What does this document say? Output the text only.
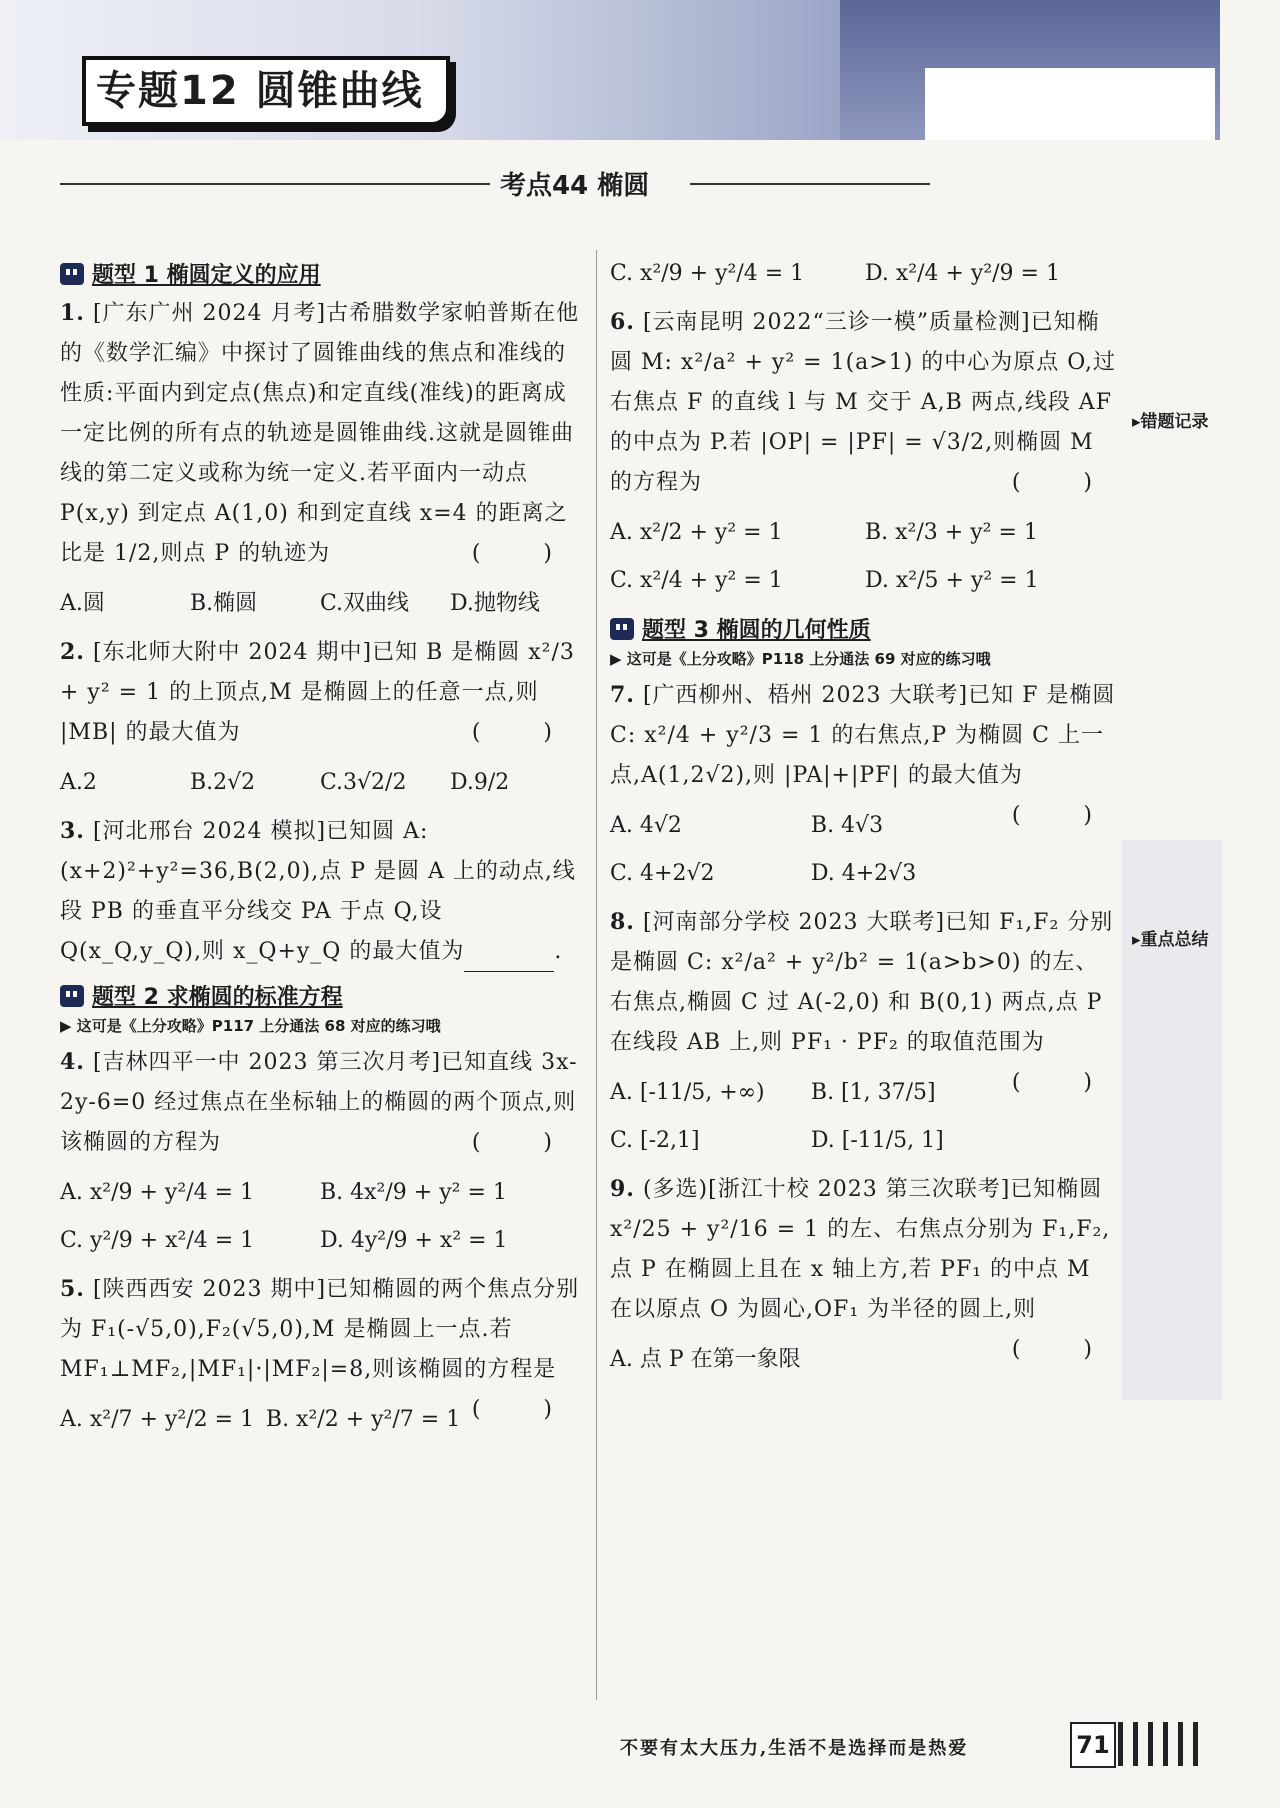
专题12 圆锥曲线
考点44 椭圆
题型 1 椭圆定义的应用
1. [广东广州 2024 月考]古希腊数学家帕普斯在他的《数学汇编》中探讨了圆锥曲线的焦点和准线的性质:平面内到定点(焦点)和定直线(准线)的距离成一定比例的所有点的轨迹是圆锥曲线.这就是圆锥曲线的第二定义或称为统一定义.若平面内一动点 P(x,y) 到定点 A(1,0) 和到定直线 x=4 的距离之比是 1/2,则点 P 的轨迹为	( )
A.圆	B.椭圆	C.双曲线	D.抛物线
2. [东北师大附中 2024 期中]已知 B 是椭圆 x²/3 + y² = 1 的上顶点,M 是椭圆上的任意一点,则 |MB| 的最大值为	( )
A.2	B.2√2	C.3√2/2	D.9/2
3. [河北邢台 2024 模拟]已知圆 A:(x+2)²+y²=36,B(2,0),点 P 是圆 A 上的动点,线段 PB 的垂直平分线交 PA 于点 Q,设 Q(x_Q,y_Q),则 x_Q+y_Q 的最大值为	.
题型 2 求椭圆的标准方程
▶ 这可是《上分攻略》P117 上分通法 68 对应的练习哦
4. [吉林四平一中 2023 第三次月考]已知直线 3x-2y-6=0 经过焦点在坐标轴上的椭圆的两个顶点,则该椭圆的方程为	( )
A. x²/9 + y²/4 = 1	B. 4x²/9 + y² = 1
C. y²/9 + x²/4 = 1	D. 4y²/9 + x² = 1
5. [陕西西安 2023 期中]已知椭圆的两个焦点分别为 F₁(-√5,0),F₂(√5,0),M 是椭圆上一点.若 MF₁⊥MF₂,|MF₁|·|MF₂|=8,则该椭圆的方程是
( )
A. x²/7 + y²/2 = 1 B. x²/2 + y²/7 = 1
C. x²/9 + y²/4 = 1	D. x²/4 + y²/9 = 1
6. [云南昆明 2022“三诊一模”质量检测]已知椭圆 M: x²/a² + y² = 1(a>1) 的中心为原点 O,过右焦点 F 的直线 l 与 M 交于 A,B 两点,线段 AF 的中点为 P.若 |OP| = |PF| = √3/2,则椭圆 M 的方程为	( )
A. x²/2 + y² = 1	B. x²/3 + y² = 1
C. x²/4 + y² = 1	D. x²/5 + y² = 1
题型 3 椭圆的几何性质
▶ 这可是《上分攻略》P118 上分通法 69 对应的练习哦
7. [广西柳州、梧州 2023 大联考]已知 F 是椭圆 C: x²/4 + y²/3 = 1 的右焦点,P 为椭圆 C 上一点,A(1,2√2),则 |PA|+|PF| 的最大值为
( )
A. 4√2	B. 4√3
C. 4+2√2	D. 4+2√3
8. [河南部分学校 2023 大联考]已知 F₁,F₂ 分别是椭圆 C: x²/a² + y²/b² = 1(a>b>0) 的左、右焦点,椭圆 C 过 A(-2,0) 和 B(0,1) 两点,点 P 在线段 AB 上,则 PF₁ · PF₂ 的取值范围为
( )
A. [-11/5, +∞)	B. [1, 37/5]
C. [-2,1]	D. [-11/5, 1]
9. (多选)[浙江十校 2023 第三次联考]已知椭圆 x²/25 + y²/16 = 1 的左、右焦点分别为 F₁,F₂,点 P 在椭圆上且在 x 轴上方,若 PF₁ 的中点 M 在以原点 O 为圆心,OF₁ 为半径的圆上,则
( )
A. 点 P 在第一象限
▸错题记录
▸重点总结
不要有太大压力,生活不是选择而是热爱	71
